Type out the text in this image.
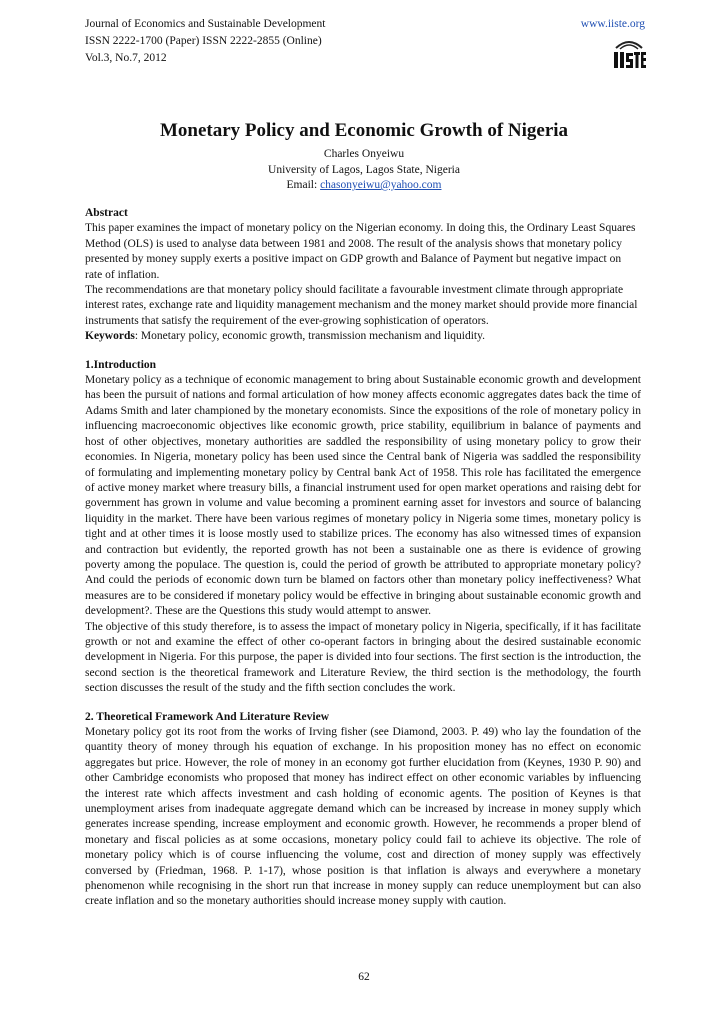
Journal of Economics and Sustainable Development	www.iiste.org
ISSN 2222-1700 (Paper) ISSN 2222-2855 (Online)
Vol.3, No.7, 2012
Monetary Policy and Economic Growth of Nigeria
Charles Onyeiwu
University of Lagos, Lagos State, Nigeria
Email: chasonyeiwu@yahoo.com
Abstract

This paper examines the impact of monetary policy on the Nigerian economy. In doing this, the Ordinary Least Squares Method (OLS) is used to analyse data between 1981 and 2008. The result of the analysis shows that monetary policy presented by money supply exerts a positive impact on GDP growth and Balance of Payment but negative impact on rate of inflation.

The recommendations are that monetary policy should facilitate a favourable investment climate through appropriate interest rates, exchange rate and liquidity management mechanism and the money market should provide more financial instruments that satisfy the requirement of the ever-growing sophistication of operators.

Keywords: Monetary policy, economic growth, transmission mechanism and liquidity.

1.Introduction

Monetary policy as a technique of economic management to bring about Sustainable economic growth and development has been the pursuit of nations and formal articulation of how money affects economic aggregates dates back the time of Adams Smith and later championed by the monetary economists. Since the expositions of the role of monetary policy in influencing macroeconomic objectives like economic growth, price stability, equilibrium in balance of payments and host of other objectives, monetary authorities are saddled the responsibility of using monetary policy to grow their economies. In Nigeria, monetary policy has been used since the Central bank of Nigeria was saddled the responsibility of formulating and implementing monetary policy by Central bank Act of 1958. This role has facilitated the emergence of active money market where treasury bills, a financial instrument used for open market operations and raising debt for government has grown in volume and value becoming a prominent earning asset for investors and source of balancing liquidity in the market. There have been various regimes of monetary policy in Nigeria some times, monetary policy is tight and at other times it is loose mostly used to stabilize prices. The economy has also witnessed times of expansion and contraction but evidently, the reported growth has not been a sustainable one as there is evidence of growing poverty among the populace. The question is, could the period of growth be attributed to appropriate monetary policy? And could the periods of economic down turn be blamed on factors other than monetary policy ineffectiveness? What measures are to be considered if monetary policy would be effective in bringing about sustainable economic growth and development?. These are the Questions this study would attempt to answer.

The objective of this study therefore, is to assess the impact of monetary policy in Nigeria, specifically, if it has facilitate growth or not and examine the effect of other co-operant factors in bringing about the desired sustainable economic development in Nigeria. For this purpose, the paper is divided into four sections. The first section is the introduction, the second section is the theoretical framework and Literature Review, the third section is the methodology, the fourth section discusses the result of the study and the fifth section concludes the work.

2. Theoretical Framework And Literature Review

Monetary policy got its root from the works of Irving fisher (see Diamond, 2003. P. 49) who lay the foundation of the quantity theory of money through his equation of exchange. In his proposition money has no effect on economic aggregates but price. However, the role of money in an economy got further elucidation from (Keynes, 1930 P. 90) and other Cambridge economists who proposed that money has indirect effect on other economic variables by influencing the interest rate which affects investment and cash holding of economic agents. The position of Keynes is that unemployment arises from inadequate aggregate demand which can be increased by increase in money supply which generates increase spending, increase employment and economic growth. However, he recommends a proper blend of monetary and fiscal policies as at some occasions, monetary policy could fail to achieve its objective. The role of monetary policy which is of course influencing the volume, cost and direction of money supply was effectively conversed by (Friedman, 1968. P. 1-17), whose position is that inflation is always and everywhere a monetary phenomenon while recognising in the short run that increase in money supply can reduce unemployment but can also create inflation and so the monetary authorities should increase money supply with caution.

62
